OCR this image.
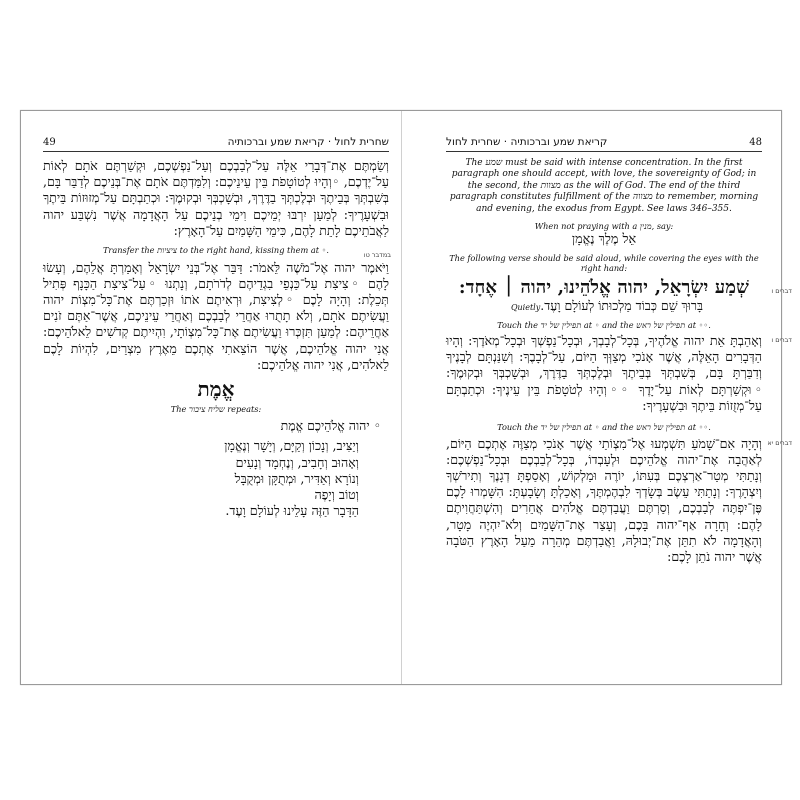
49	שחרית לחול · קריאת שמע וברכותיה

וְשַׂמְתֶּם אֶת־דְּבָרַי אֵלֶּה עַל־לְבַבְכֶם וְעַל־נַפְשְׁכֶם, וּקְשַׁרְתֶּם אֹתָם לְאוֹת עַל־יֶדְכֶם, ◦וְהָיוּ לְטוֹטָפֹת בֵּין עֵינֵיכֶם: וְלִמַּדְתֶּם אֹתָם אֶת־בְּנֵיכֶם לְדַבֵּר בָּם, בְּשִׁבְתְּךָ בְּבֵיתֶךָ וּבְלֶכְתְּךָ בַדֶּרֶךְ, וּבְשָׁכְבְּךָ וּבְקוּמֶךָ: וּכְתַבְתָּם עַל־מְזוּזוֹת בֵּיתֶךָ וּבִשְׁעָרֶיךָ: לְמַעַן יִרְבּוּ יְמֵיכֶם וִימֵי בְנֵיכֶם עַל הָאֲדָמָה אֲשֶׁר נִשְׁבַּע יהוה לַאֲבֹתֵיכֶם לָתֵת לָהֶם, כִּימֵי הַשָּׁמַיִם עַל־הָאָרֶץ:

Transfer the ציציות to the right hand, kissing them at ◦.	במדבר טו

וַיֹּאמֶר יהוה אֶל־מֹשֶׁה לֵּאמֹר: דַּבֵּר אֶל־בְּנֵי יִשְׂרָאֵל וְאָמַרְתָּ אֲלֵהֶם, וְעָשׂוּ לָהֶם ◦צִיצִת עַל־כַּנְפֵי בִגְדֵיהֶם לְדֹרֹתָם, וְנָתְנוּ ◦עַל־צִיצִת הַכָּנָף פְּתִיל תְּכֵלֶת: וְהָיָה לָכֶם ◦לְצִיצִת, וּרְאִיתֶם אֹתוֹ וּזְכַרְתֶּם אֶת־כָּל־מִצְוֹת יהוה וַעֲשִׂיתֶם אֹתָם, וְלֹא תָתֻרוּ אַחֲרֵי לְבַבְכֶם וְאַחֲרֵי עֵינֵיכֶם, אֲשֶׁר־אַתֶּם זֹנִים אַחֲרֵיהֶם: לְמַעַן תִּזְכְּרוּ וַעֲשִׂיתֶם אֶת־כָּל־מִצְוֹתָי, וִהְיִיתֶם קְדֹשִׁים לֵאלֹהֵיכֶם: אֲנִי יהוה אֱלֹהֵיכֶם, אֲשֶׁר הוֹצֵאתִי אֶתְכֶם מֵאֶרֶץ מִצְרַיִם, לִהְיוֹת לָכֶם לֵאלֹהִים, אֲנִי יהוה אֱלֹהֵיכֶם:

אֱמֶת

The שליח ציבור repeats:

◦ יהוה אֱלֹהֵיכֶם אֱמֶת

וְיַצִּיב, וְנָכוֹן וְקַיָּם, וְיָשָׁר וְנֶאֱמָן

וְאָהוּב וְחָבִיב, וְנֶחְמָד וְנָעִים

וְנוֹרָא וְאַדִּיר, וּמְתֻקָּן וּמְקֻבָּל

וְטוֹב וְיָפֶה

הַדָּבָר הַזֶּה עָלֵינוּ לְעוֹלָם וָעֶד.

48
קריאת שמע וברכותיה · שחרית לחול

The שמע must be said with intense concentration. In the first paragraph one should accept, with love, the sovereignty of God; in the second, the מצוות as the will of God. The end of the third paragraph constitutes fulfillment of the מצווה to remember, morning and evening, the exodus from Egypt. See laws 346–355.

When not praying with a מנין, say:

אֵל מֶלֶךְ נֶאֱמָן

The following verse should be said aloud, while covering the eyes with the right hand:

דברים ו
שְׁמַע יִשְׂרָאֵל, יהוה אֱלֹהֵינוּ, יהוה ׀ אֶחָד:
בָּרוּךְ שֵׁם כְּבוֹד מַלְכוּתוֹ לְעוֹלָם וָעֶד.Quietly

Touch the תפילין של יד at ◦ and the תפילין של ראש at ◦◦.

דברים ו

וְאָהַבְתָּ אֵת יהוה אֱלֹהֶיךָ, בְּכָל־לְבָבְךָ, וּבְכָל־נַפְשְׁךָ וּבְכָל־מְאֹדֶךָ: וְהָיוּ הַדְּבָרִים הָאֵלֶּה, אֲשֶׁר אָנֹכִי מְצַוְּךָ הַיּוֹם, עַל־לְבָבֶךָ: וְשִׁנַּנְתָּם לְבָנֶיךָ וְדִבַּרְתָּ בָּם, בְּשִׁבְתְּךָ בְּבֵיתֶךָ וּבְלֶכְתְּךָ בַדֶּרֶךְ, וּבְשָׁכְבְּךָ וּבְקוּמֶךָ: ◦וּקְשַׁרְתָּם לְאוֹת עַל־יָדֶךָ ◦◦וְהָיוּ לְטֹטָפֹת בֵּין עֵינֶיךָ: וּכְתַבְתָּם עַל־מְזֻזוֹת בֵּיתֶךָ וּבִשְׁעָרֶיךָ:

Touch the תפילין של יד at ◦ and the תפילין של ראש at ◦◦.

דברים יא

וְהָיָה אִם־שָׁמֹעַ תִּשְׁמְעוּ אֶל־מִצְוֹתַי אֲשֶׁר אָנֹכִי מְצַוֶּה אֶתְכֶם הַיּוֹם, לְאַהֲבָה אֶת־יהוה אֱלֹהֵיכֶם וּלְעָבְדוֹ, בְּכָל־לְבַבְכֶם וּבְכָל־נַפְשְׁכֶם: וְנָתַתִּי מְטַר־אַרְצְכֶם בְּעִתּוֹ, יוֹרֶה וּמַלְקוֹשׁ, וְאָסַפְתָּ דְגָנֶךָ וְתִירֹשְׁךָ וְיִצְהָרֶךָ: וְנָתַתִּי עֵשֶׂב בְּשָׂדְךָ לִבְהֶמְתֶּךָ, וְאָכַלְתָּ וְשָׂבָעְתָּ: הִשָּׁמְרוּ לָכֶם פֶּן־יִפְתֶּה לְבַבְכֶם, וְסַרְתֶּם וַעֲבַדְתֶּם אֱלֹהִים אֲחֵרִים וְהִשְׁתַּחֲוִיתֶם לָהֶם: וְחָרָה אַף־יהוה בָּכֶם, וְעָצַר אֶת־הַשָּׁמַיִם וְלֹא־יִהְיֶה מָטָר, וְהָאֲדָמָה לֹא תִתֵּן אֶת־יְבוּלָהּ, וַאֲבַדְתֶּם מְהֵרָה מֵעַל הָאָרֶץ הַטֹּבָה אֲשֶׁר יהוה נֹתֵן לָכֶם:
